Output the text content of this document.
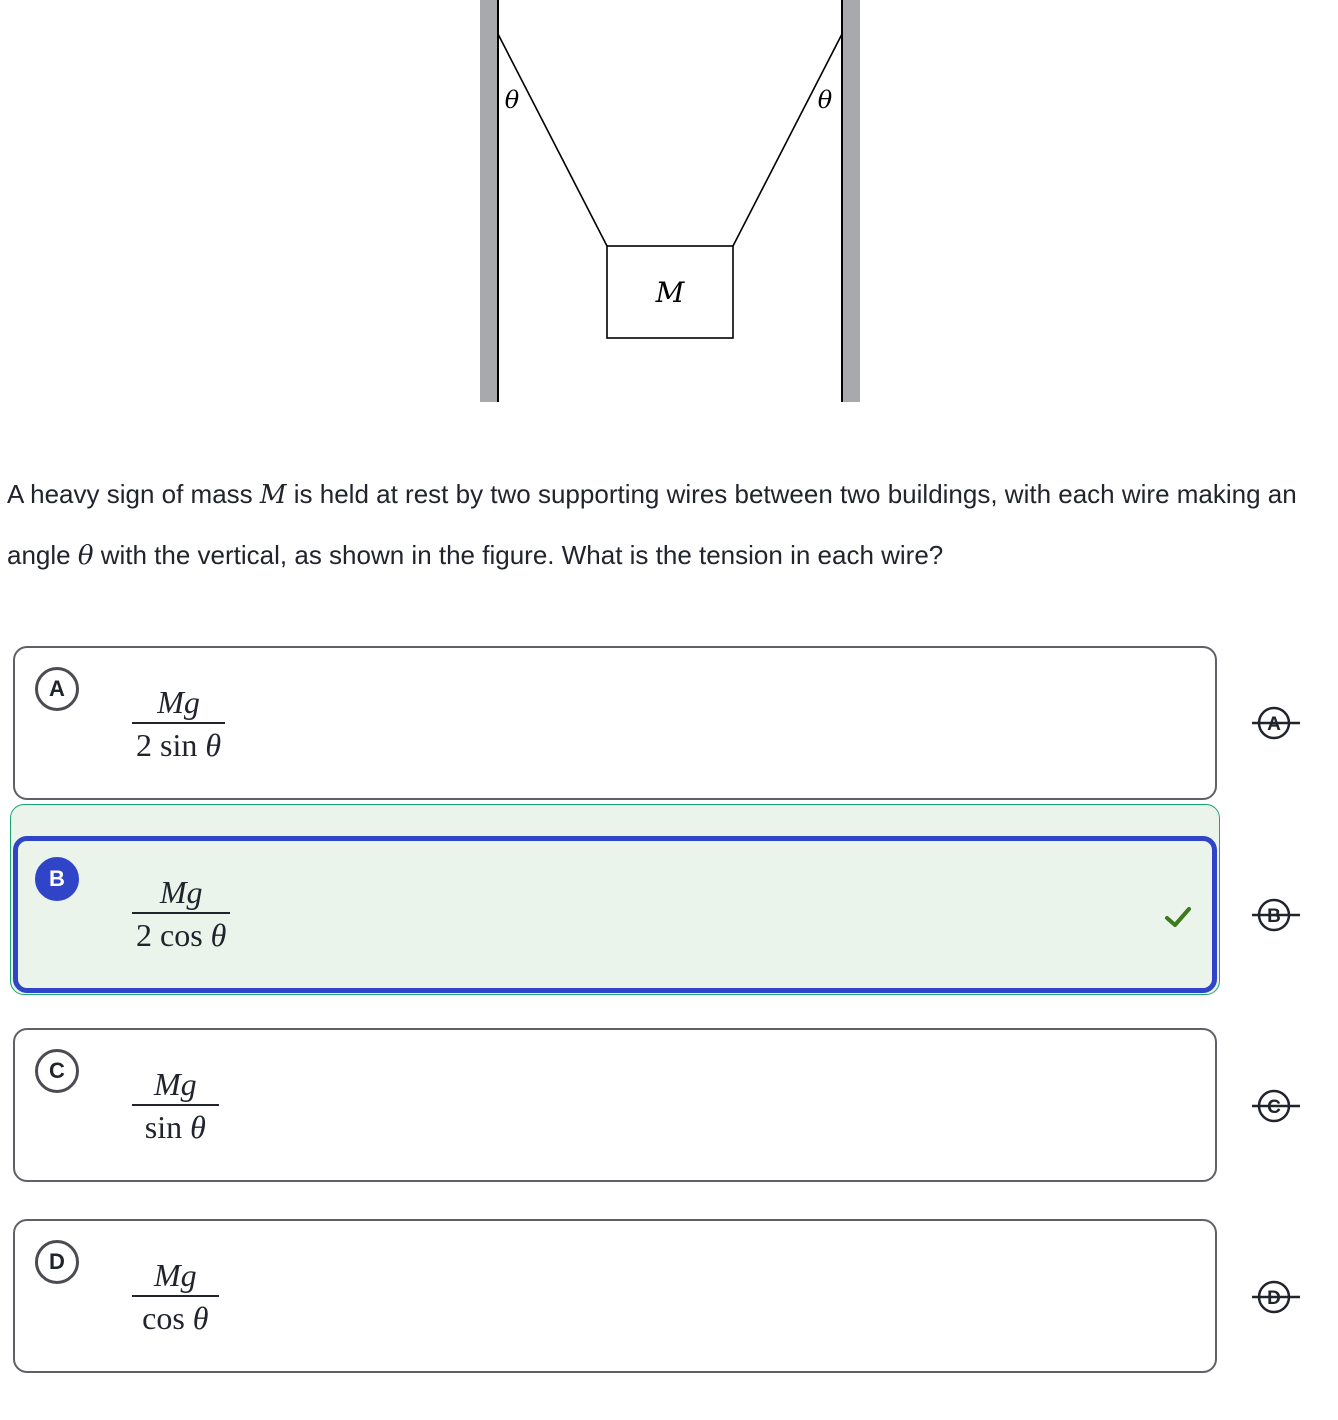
θ	θ
M
A heavy sign of mass M is held at rest by two supporting wires between two buildings, with each wire making an angle θ with the vertical, as shown in the figure. What is the tension in each wire?
A	Mg
2 sin θ
B	Mg
2 cos θ
C	Mg
sin θ
D	Mg
cos θ
A
B
C
D
